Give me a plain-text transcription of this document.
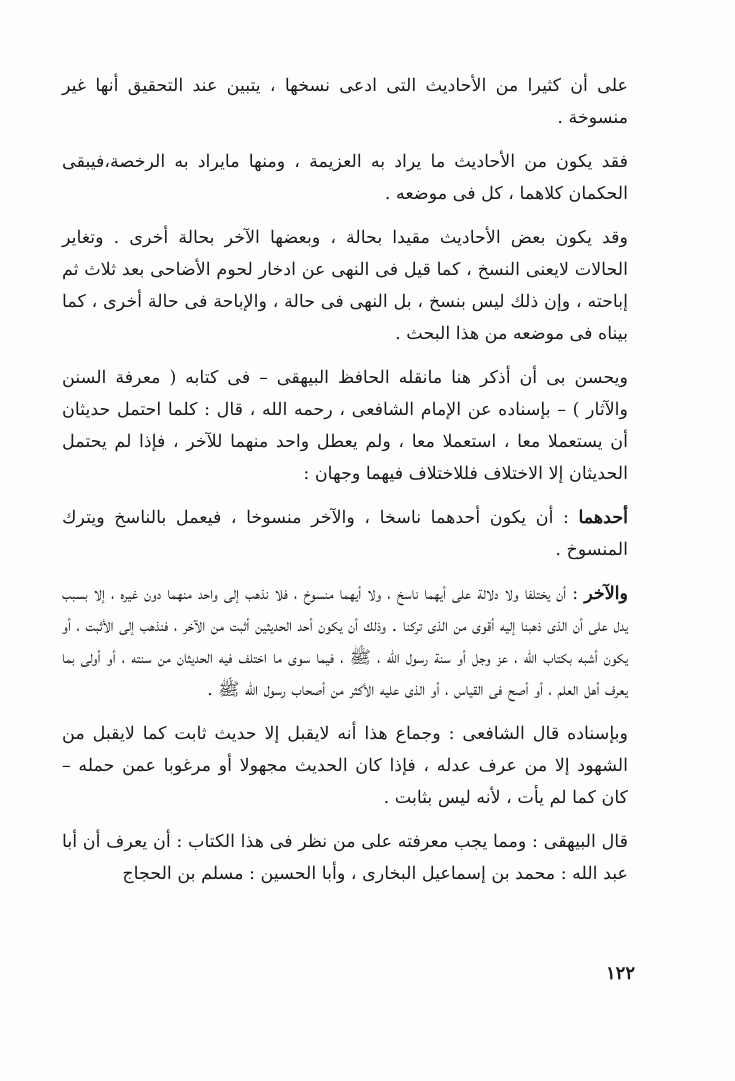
على أن كثيرا من الأحاديث التى ادعى نسخها ، يتبين عند التحقيق أنها غير منسوخة .

فقد يكون من الأحاديث ما يراد به العزيمة ، ومنها مايراد به الرخصة،فيبقى الحكمان كلاهما ، كل فى موضعه .

وقد يكون بعض الأحاديث مقيدا بحالة ، وبعضها الآخر بحالة أخرى . وتغاير الحالات لايعنى النسخ ، كما قيل فى النهى عن ادخار لحوم الأضاحى بعد ثلاث ثم إباحته ، وإن ذلك ليس بنسخ ، بل النهى فى حالة ، والإباحة فى حالة أخرى ، كما بيناه فى موضعه من هذا البحث .

ويحسن بى أن أذكر هنا مانقله الحافظ البيهقى – فى كتابه ( معرفة السنن والآثار ) – بإسناده عن الإمام الشافعى ، رحمه الله ، قال : كلما احتمل حديثان أن يستعملا معا ، استعملا معا ، ولم يعطل واحد منهما للآخر ، فإذا لم يحتمل الحديثان إلا الاختلاف فللاختلاف فيهما وجهان :

أحدهما : أن يكون أحدهما ناسخا ، والآخر منسوخا ، فيعمل بالناسخ ويترك المنسوخ .

والآخر : أن يختلفا ولا دلالة على أيهما ناسخ ، ولا أيهما منسوخ ، فلا نذهب إلى واحد منهما دون غيره ، إلا بسبب يدل على أن الذى ذهبنا إليه أقوى من الذى تركنا . وذلك أن يكون أحد الحديثين أثبت من الآخر ، فنذهب إلى الأثبت ، أو يكون أشبه بكتاب الله ، عز وجل أو سنة رسول الله ، ﷺ ، فيما سوى ما اختلف فيه الحديثان من سنته ، أو أولى بما يعرف أهل العلم ، أو أصح فى القياس ، أو الذى عليه الأكثر من أصحاب رسول الله ﷺ .

وبإسناده قال الشافعى : وجماع هذا أنه لايقبل إلا حديث ثابت كما لايقبل من الشهود إلا من عرف عدله ، فإذا كان الحديث مجهولا أو مرغوبا عمن حمله – كان كما لم يأت ، لأنه ليس بثابت .

قال البيهقى : ومما يجب معرفته على من نظر فى هذا الكتاب : أن يعرف أن أبا عبد الله : محمد بن إسماعيل البخارى ، وأبا الحسين : مسلم بن الحجاج

١٢٢
